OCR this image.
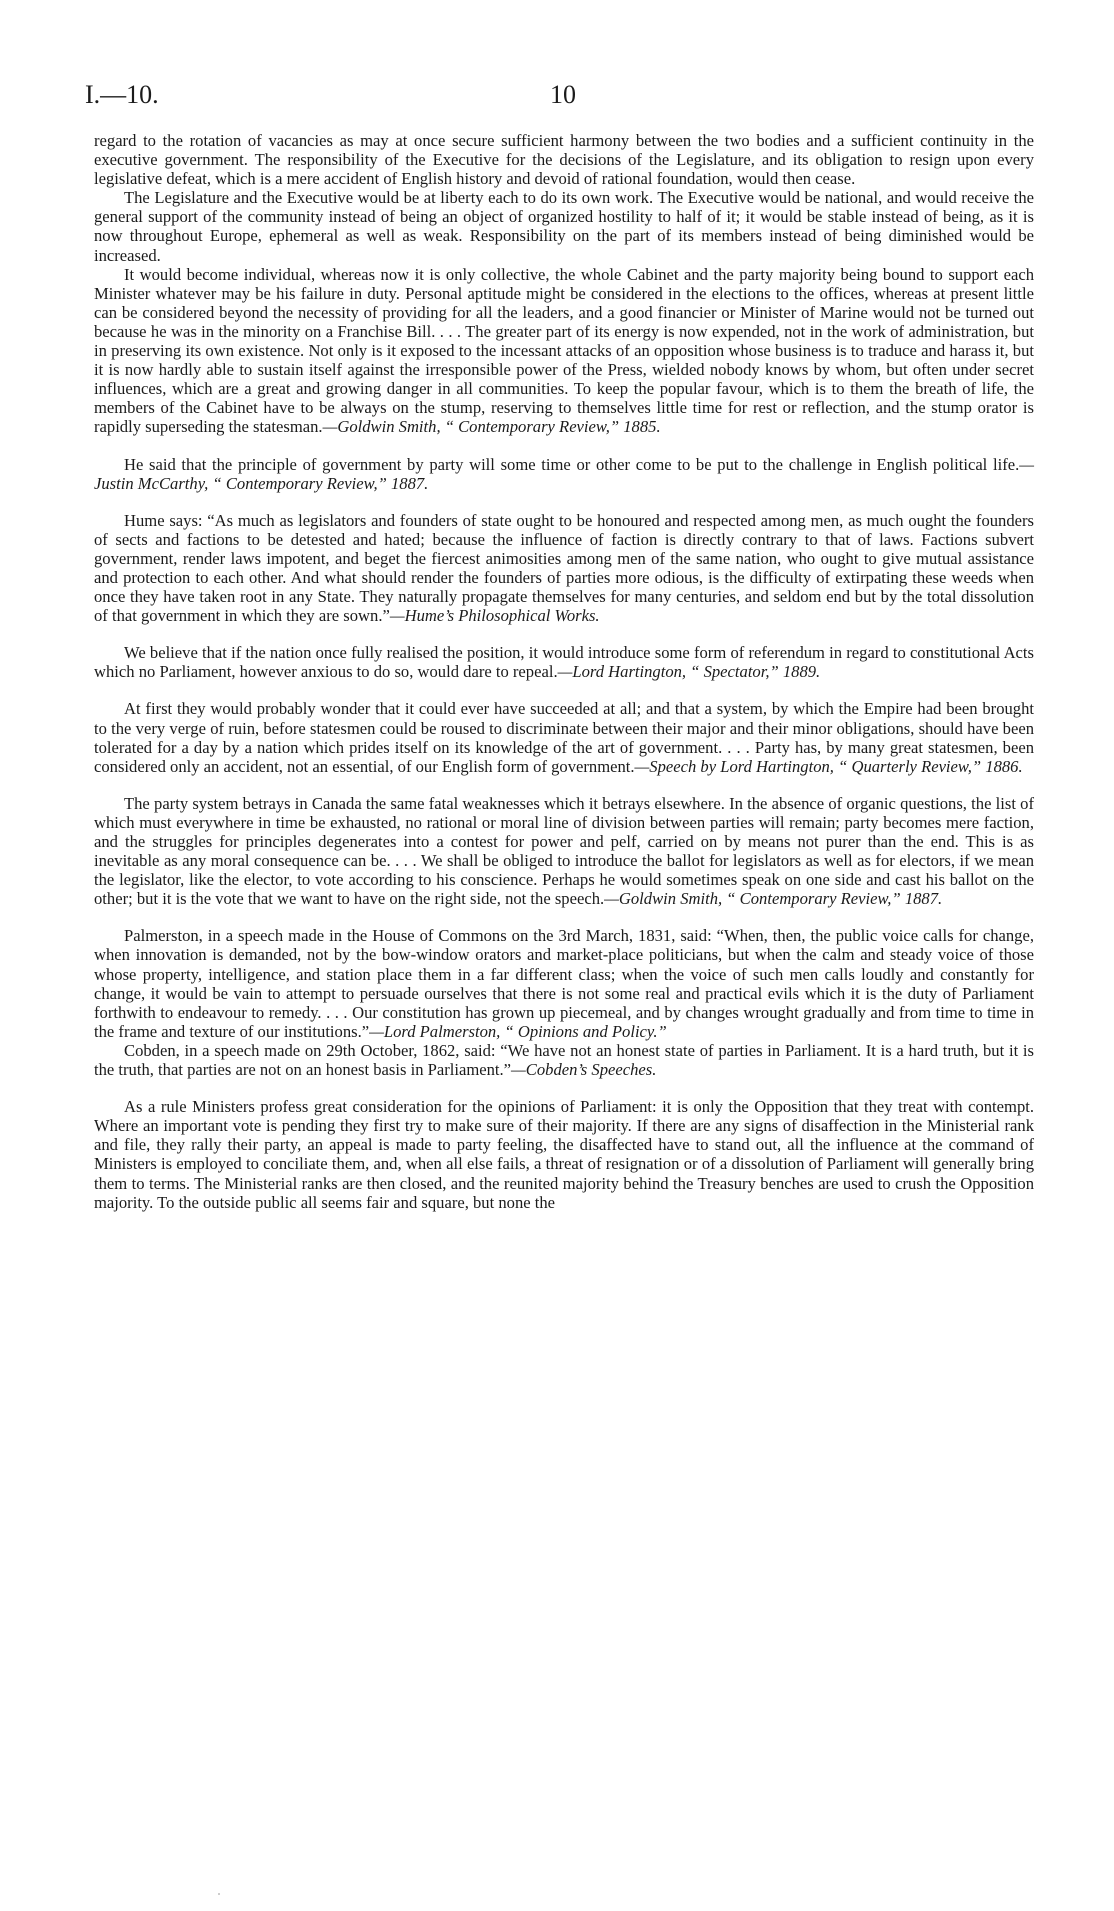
I.—10.	10

regard to the rotation of vacancies as may at once secure sufficient harmony between the two bodies and a sufficient continuity in the executive government. The responsibility of the Executive for the decisions of the Legislature, and its obligation to resign upon every legislative defeat, which is a mere accident of English history and devoid of rational foundation, would then cease.

The Legislature and the Executive would be at liberty each to do its own work. The Executive would be national, and would receive the general support of the community instead of being an object of organized hostility to half of it; it would be stable instead of being, as it is now throughout Europe, ephemeral as well as weak. Responsibility on the part of its members instead of being diminished would be increased.

It would become individual, whereas now it is only collective, the whole Cabinet and the party majority being bound to support each Minister whatever may be his failure in duty. Personal aptitude might be considered in the elections to the offices, whereas at present little can be considered beyond the necessity of providing for all the leaders, and a good financier or Minister of Marine would not be turned out because he was in the minority on a Franchise Bill. . . . The greater part of its energy is now expended, not in the work of administration, but in preserving its own existence. Not only is it exposed to the incessant attacks of an opposition whose business is to traduce and harass it, but it is now hardly able to sustain itself against the irresponsible power of the Press, wielded nobody knows by whom, but often under secret influences, which are a great and growing danger in all communities. To keep the popular favour, which is to them the breath of life, the members of the Cabinet have to be always on the stump, reserving to themselves little time for rest or reflection, and the stump orator is rapidly superseding the statesman.—Goldwin Smith, “ Contemporary Review,” 1885.

He said that the principle of government by party will some time or other come to be put to the challenge in English political life.—Justin McCarthy, “ Contemporary Review,” 1887.

Hume says: “As much as legislators and founders of state ought to be honoured and respected among men, as much ought the founders of sects and factions to be detested and hated; because the influence of faction is directly contrary to that of laws. Factions subvert government, render laws impotent, and beget the fiercest animosities among men of the same nation, who ought to give mutual assistance and protection to each other. And what should render the founders of parties more odious, is the difficulty of extirpating these weeds when once they have taken root in any State. They naturally propagate themselves for many centuries, and seldom end but by the total dissolution of that government in which they are sown.”—Hume’s Philosophical Works.

We believe that if the nation once fully realised the position, it would introduce some form of referendum in regard to constitutional Acts which no Parliament, however anxious to do so, would dare to repeal.—Lord Hartington, “ Spectator,” 1889.

At first they would probably wonder that it could ever have succeeded at all; and that a system, by which the Empire had been brought to the very verge of ruin, before statesmen could be roused to discriminate between their major and their minor obligations, should have been tolerated for a day by a nation which prides itself on its knowledge of the art of government. . . . Party has, by many great statesmen, been considered only an accident, not an essential, of our English form of government.—Speech by Lord Hartington, “ Quarterly Review,” 1886.

The party system betrays in Canada the same fatal weaknesses which it betrays elsewhere. In the absence of organic questions, the list of which must everywhere in time be exhausted, no rational or moral line of division between parties will remain; party becomes mere faction, and the struggles for principles degenerates into a contest for power and pelf, carried on by means not purer than the end. This is as inevitable as any moral consequence can be. . . . We shall be obliged to introduce the ballot for legislators as well as for electors, if we mean the legislator, like the elector, to vote according to his conscience. Perhaps he would sometimes speak on one side and cast his ballot on the other; but it is the vote that we want to have on the right side, not the speech.—Goldwin Smith, “ Contemporary Review,” 1887.

Palmerston, in a speech made in the House of Commons on the 3rd March, 1831, said: “When, then, the public voice calls for change, when innovation is demanded, not by the bow-window orators and market-place politicians, but when the calm and steady voice of those whose property, intelligence, and station place them in a far different class; when the voice of such men calls loudly and constantly for change, it would be vain to attempt to persuade ourselves that there is not some real and practical evils which it is the duty of Parliament forthwith to endeavour to remedy. . . . Our constitution has grown up piecemeal, and by changes wrought gradually and from time to time in the frame and texture of our institutions.”—Lord Palmerston, “ Opinions and Policy.”

Cobden, in a speech made on 29th October, 1862, said: “We have not an honest state of parties in Parliament. It is a hard truth, but it is the truth, that parties are not on an honest basis in Parliament.”—Cobden’s Speeches.

As a rule Ministers profess great consideration for the opinions of Parliament: it is only the Opposition that they treat with contempt. Where an important vote is pending they first try to make sure of their majority. If there are any signs of disaffection in the Ministerial rank and file, they rally their party, an appeal is made to party feeling, the disaffected have to stand out, all the influence at the command of Ministers is employed to conciliate them, and, when all else fails, a threat of resignation or of a dissolution of Parliament will generally bring them to terms. The Ministerial ranks are then closed, and the reunited majority behind the Treasury benches are used to crush the Opposition majority. To the outside public all seems fair and square, but none the
